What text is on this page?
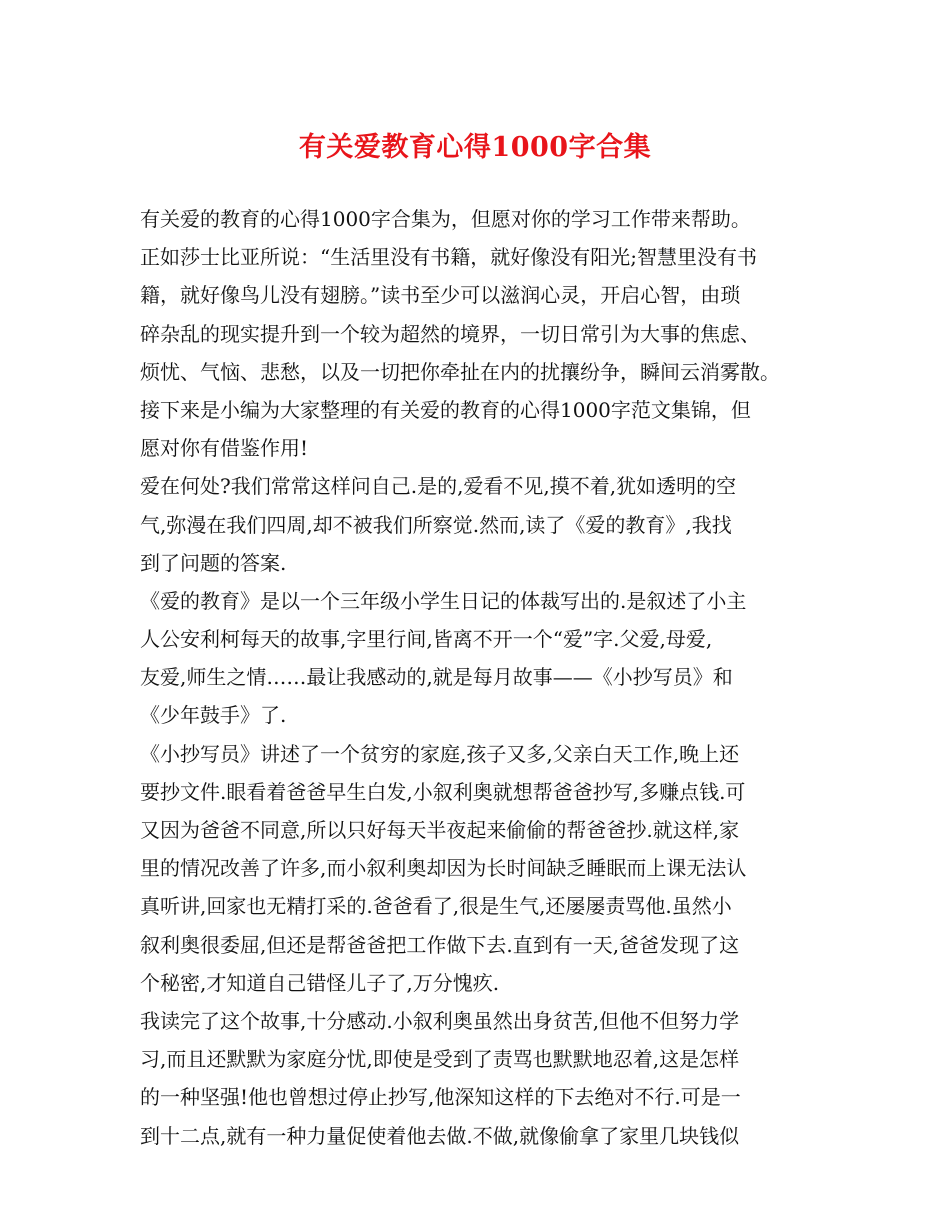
有关爱教育心得1000字合集
有关爱的教育的心得1000字合集为，但愿对你的学习工作带来帮助。
正如莎士比亚所说：“生活里没有书籍，就好像没有阳光;智慧里没有书
籍，就好像鸟儿没有翅膀。”读书至少可以滋润心灵，开启心智，由琐
碎杂乱的现实提升到一个较为超然的境界，一切日常引为大事的焦虑、
烦忧、气恼、悲愁，以及一切把你牵扯在内的扰攘纷争，瞬间云消雾散。
接下来是小编为大家整理的有关爱的教育的心得1000字范文集锦，但
愿对你有借鉴作用!
爱在何处?我们常常这样问自己.是的,爱看不见,摸不着,犹如透明的空
气,弥漫在我们四周,却不被我们所察觉.然而,读了《爱的教育》,我找
到了问题的答案.
《爱的教育》是以一个三年级小学生日记的体裁写出的.是叙述了小主
人公安利柯每天的故事,字里行间,皆离不开一个“爱”字.父爱,母爱,
友爱,师生之情……最让我感动的,就是每月故事——《小抄写员》和
《少年鼓手》了.
《小抄写员》讲述了一个贫穷的家庭,孩子又多,父亲白天工作,晚上还
要抄文件.眼看着爸爸早生白发,小叙利奥就想帮爸爸抄写,多赚点钱.可
又因为爸爸不同意,所以只好每天半夜起来偷偷的帮爸爸抄.就这样,家
里的情况改善了许多,而小叙利奥却因为长时间缺乏睡眠而上课无法认
真听讲,回家也无精打采的.爸爸看了,很是生气,还屡屡责骂他.虽然小
叙利奥很委屈,但还是帮爸爸把工作做下去.直到有一天,爸爸发现了这
个秘密,才知道自己错怪儿子了,万分愧疚.
我读完了这个故事,十分感动.小叙利奥虽然出身贫苦,但他不但努力学
习,而且还默默为家庭分忧,即使是受到了责骂也默默地忍着,这是怎样
的一种坚强!他也曾想过停止抄写,他深知这样的下去绝对不行.可是一
到十二点,就有一种力量促使着他去做.不做,就像偷拿了家里几块钱似
